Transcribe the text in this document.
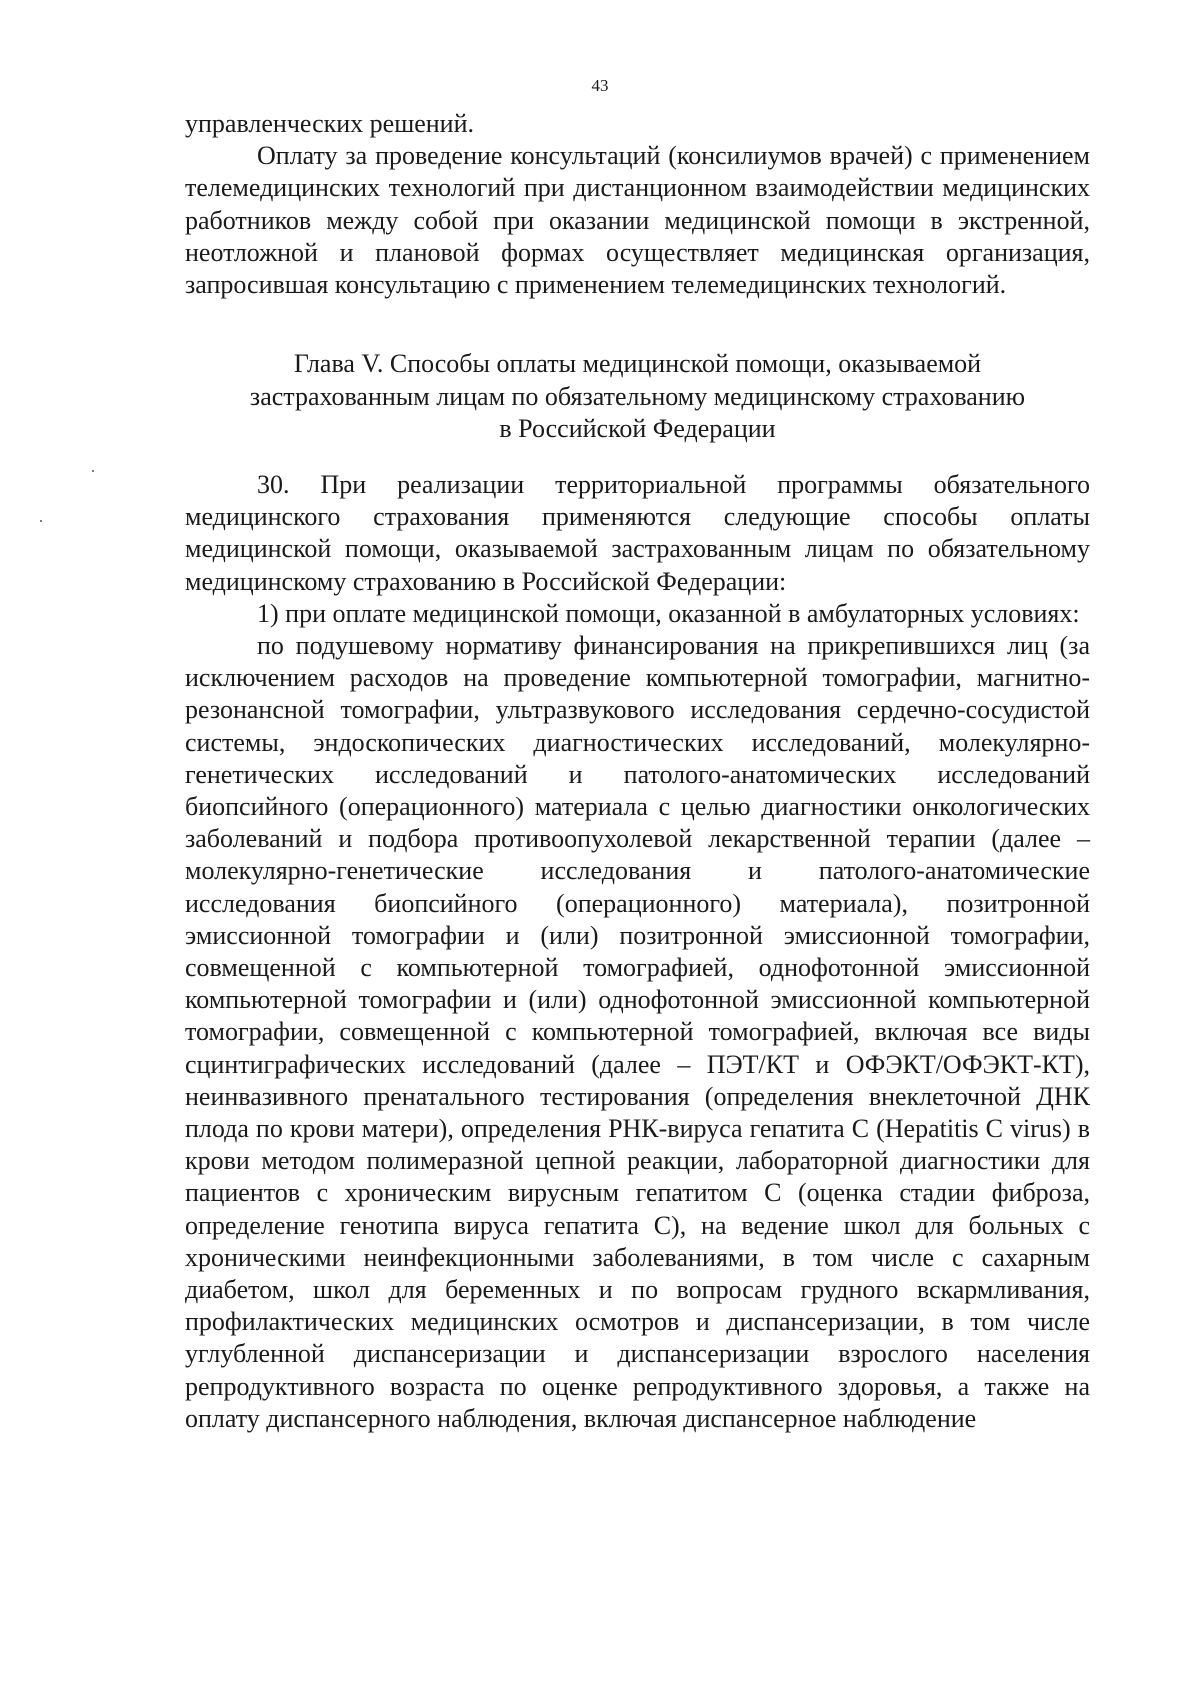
43

управленческих решений.

Оплату за проведение консультаций (консилиумов врачей) с применением телемедицинских технологий при дистанционном взаимодействии медицинских работников между собой при оказании медицинской помощи в экстренной, неотложной и плановой формах осуществляет медицинская организация, запросившая консультацию с применением телемедицинских технологий.

Глава V. Способы оплаты медицинской помощи, оказываемой
застрахованным лицам по обязательному медицинскому страхованию
в Российской Федерации

30. При реализации территориальной программы обязательного медицинского страхования применяются следующие способы оплаты медицинской помощи, оказываемой застрахованным лицам по обязательному медицинскому страхованию в Российской Федерации:

1) при оплате медицинской помощи, оказанной в амбулаторных условиях:

по подушевому нормативу финансирования на прикрепившихся лиц (за исключением расходов на проведение компьютерной томографии, магнитно-резонансной томографии, ультразвукового исследования сердечно-сосудистой системы, эндоскопических диагностических исследований, молекулярно-генетических исследований и патолого-анатомических исследований биопсийного (операционного) материала с целью диагностики онкологических заболеваний и подбора противоопухолевой лекарственной терапии (далее – молекулярно-генетические исследования и патолого-анатомические исследования биопсийного (операционного) материала), позитронной эмиссионной томографии и (или) позитронной эмиссионной томографии, совмещенной с компьютерной томографией, однофотонной эмиссионной компьютерной томографии и (или) однофотонной эмиссионной компьютерной томографии, совмещенной с компьютерной томографией, включая все виды сцинтиграфических исследований (далее – ПЭТ/КТ и ОФЭКТ/ОФЭКТ-КТ), неинвазивного пренатального тестирования (определения внеклеточной ДНК плода по крови матери), определения РНК-вируса гепатита C (Hepatitis C virus) в крови методом полимеразной цепной реакции, лабораторной диагностики для пациентов с хроническим вирусным гепатитом C (оценка стадии фиброза, определение генотипа вируса гепатита C), на ведение школ для больных с хроническими неинфекционными заболеваниями, в том числе с сахарным диабетом, школ для беременных и по вопросам грудного вскармливания, профилактических медицинских осмотров и диспансеризации, в том числе углубленной диспансеризации и диспансеризации взрослого населения репродуктивного возраста по оценке репродуктивного здоровья, а также на оплату диспансерного наблюдения, включая диспансерное наблюдение
